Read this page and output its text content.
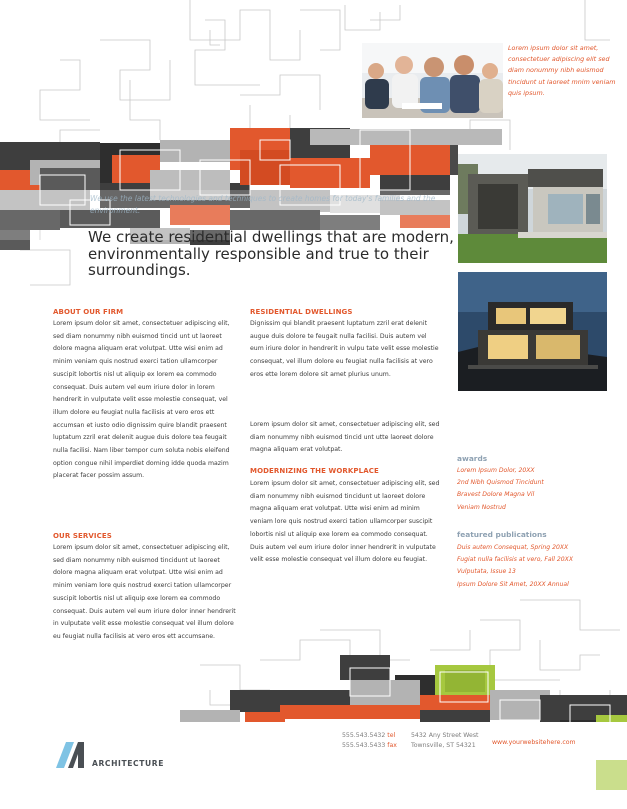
Lorem ipsum dolor sit amet, consectetuer adipiscing elit sed diam nonummy nibh euismod tincidunt ut laoreet mnim veniam quis ipsum.
We use the latest technologies and techniques to create homes for today's families and the environment.
We create residential dwellings that are modern, environmentally responsible and true to their surroundings.
ABOUT OUR FIRM
Lorem ipsum dolor sit amet, consectetuer adipiscing elit, sed diam nonummy nibh euismod tincid unt ut laoreet dolore magna aliquam erat volutpat. Utte wisi enim ad minim veniam quis nostrud exerci tation ullamcorper suscipit lobortis nisl ut aliquip ex lorem ea commodo consequat. Duis autem vel eum iriure dolor in lorem hendrerit in vulputate velit esse molestie consequat, vel illum dolore eu feugiat nulla facilisis at vero eros ett accumsan et iusto odio dignissim quire blandit praesent luptatum zzril erat delenit augue duis dolore tea feugait nulla facilisi. Nam liber tempor cum soluta nobis eleifend option congue nihil imperdiet doming idde quoda mazim placerat facer possim assum.
OUR SERVICES
Lorem ipsum dolor sit amet, consectetuer adipiscing elit, sed diam nonummy nibh euismod tincidunt ut laoreet dolore magna aliquam erat volutpat. Utte wisi enim ad minim veniam lore quis nostrud exerci tation ullamcorper suscipit lobortis nisl ut aliquip exe lorem ea commodo consequat. Duis autem vel eum iriure dolor inner hendrerit in vulputate velit esse molestie consequat vel illum dolore eu feugiat nulla facilisis at vero eros ett accumsane.
RESIDENTIAL DWELLINGS
Dignissim qui blandit praesent luptatum zzril erat delenit augue duis dolore te feugait nulla facilisi. Duis autem vel eum iriure dolor in hendrerit in vulpu tate velit esse molestie consequat, vel illum dolore eu feugiat nulla facilisis at vero eros ette lorem dolore sit amet plurius unum.
Lorem ipsum dolor sit amet, consectetuer adipiscing elit, sed diam nonummy nibh euismod tincid unt utte laoreet dolore magna aliquam erat volutpat.
MODERNIZING THE WORKPLACE
Lorem ipsum dolor sit amet, consectetuer adipiscing elit, sed diam nonummy nibh euismod tincidunt ut laoreet dolore magna aliquam erat volutpat. Utte wisi enim ad minim veniam lore quis nostrud exerci tation ullamcorper suscipit lobortis nisl ut aliquip exe lorem ea commodo consequat. Duis autem vel eum iriure dolor inner hendrerit in vulputate velit esse molestie consequat vel illum dolore eu feugiat.
awards
Lorem Ipsum Dolor, 20XX
2nd Nibh Quismod Tincidunt
Bravest Dolore Magna Vil
Veniam Nostrud
featured publications
Duis autem Consequat, Spring 20XX
Fugiat nulla facilisis at vero, Fall 20XX
Vulputata, Issue 13
Ipsum Dolore Sit Amet, 20XX Annual
ARCHITECTURE
555.543.5432 tel
555.543.5433 fax
5432 Any Street West
Townsville, ST 54321	www.yourwebsitehere.com
